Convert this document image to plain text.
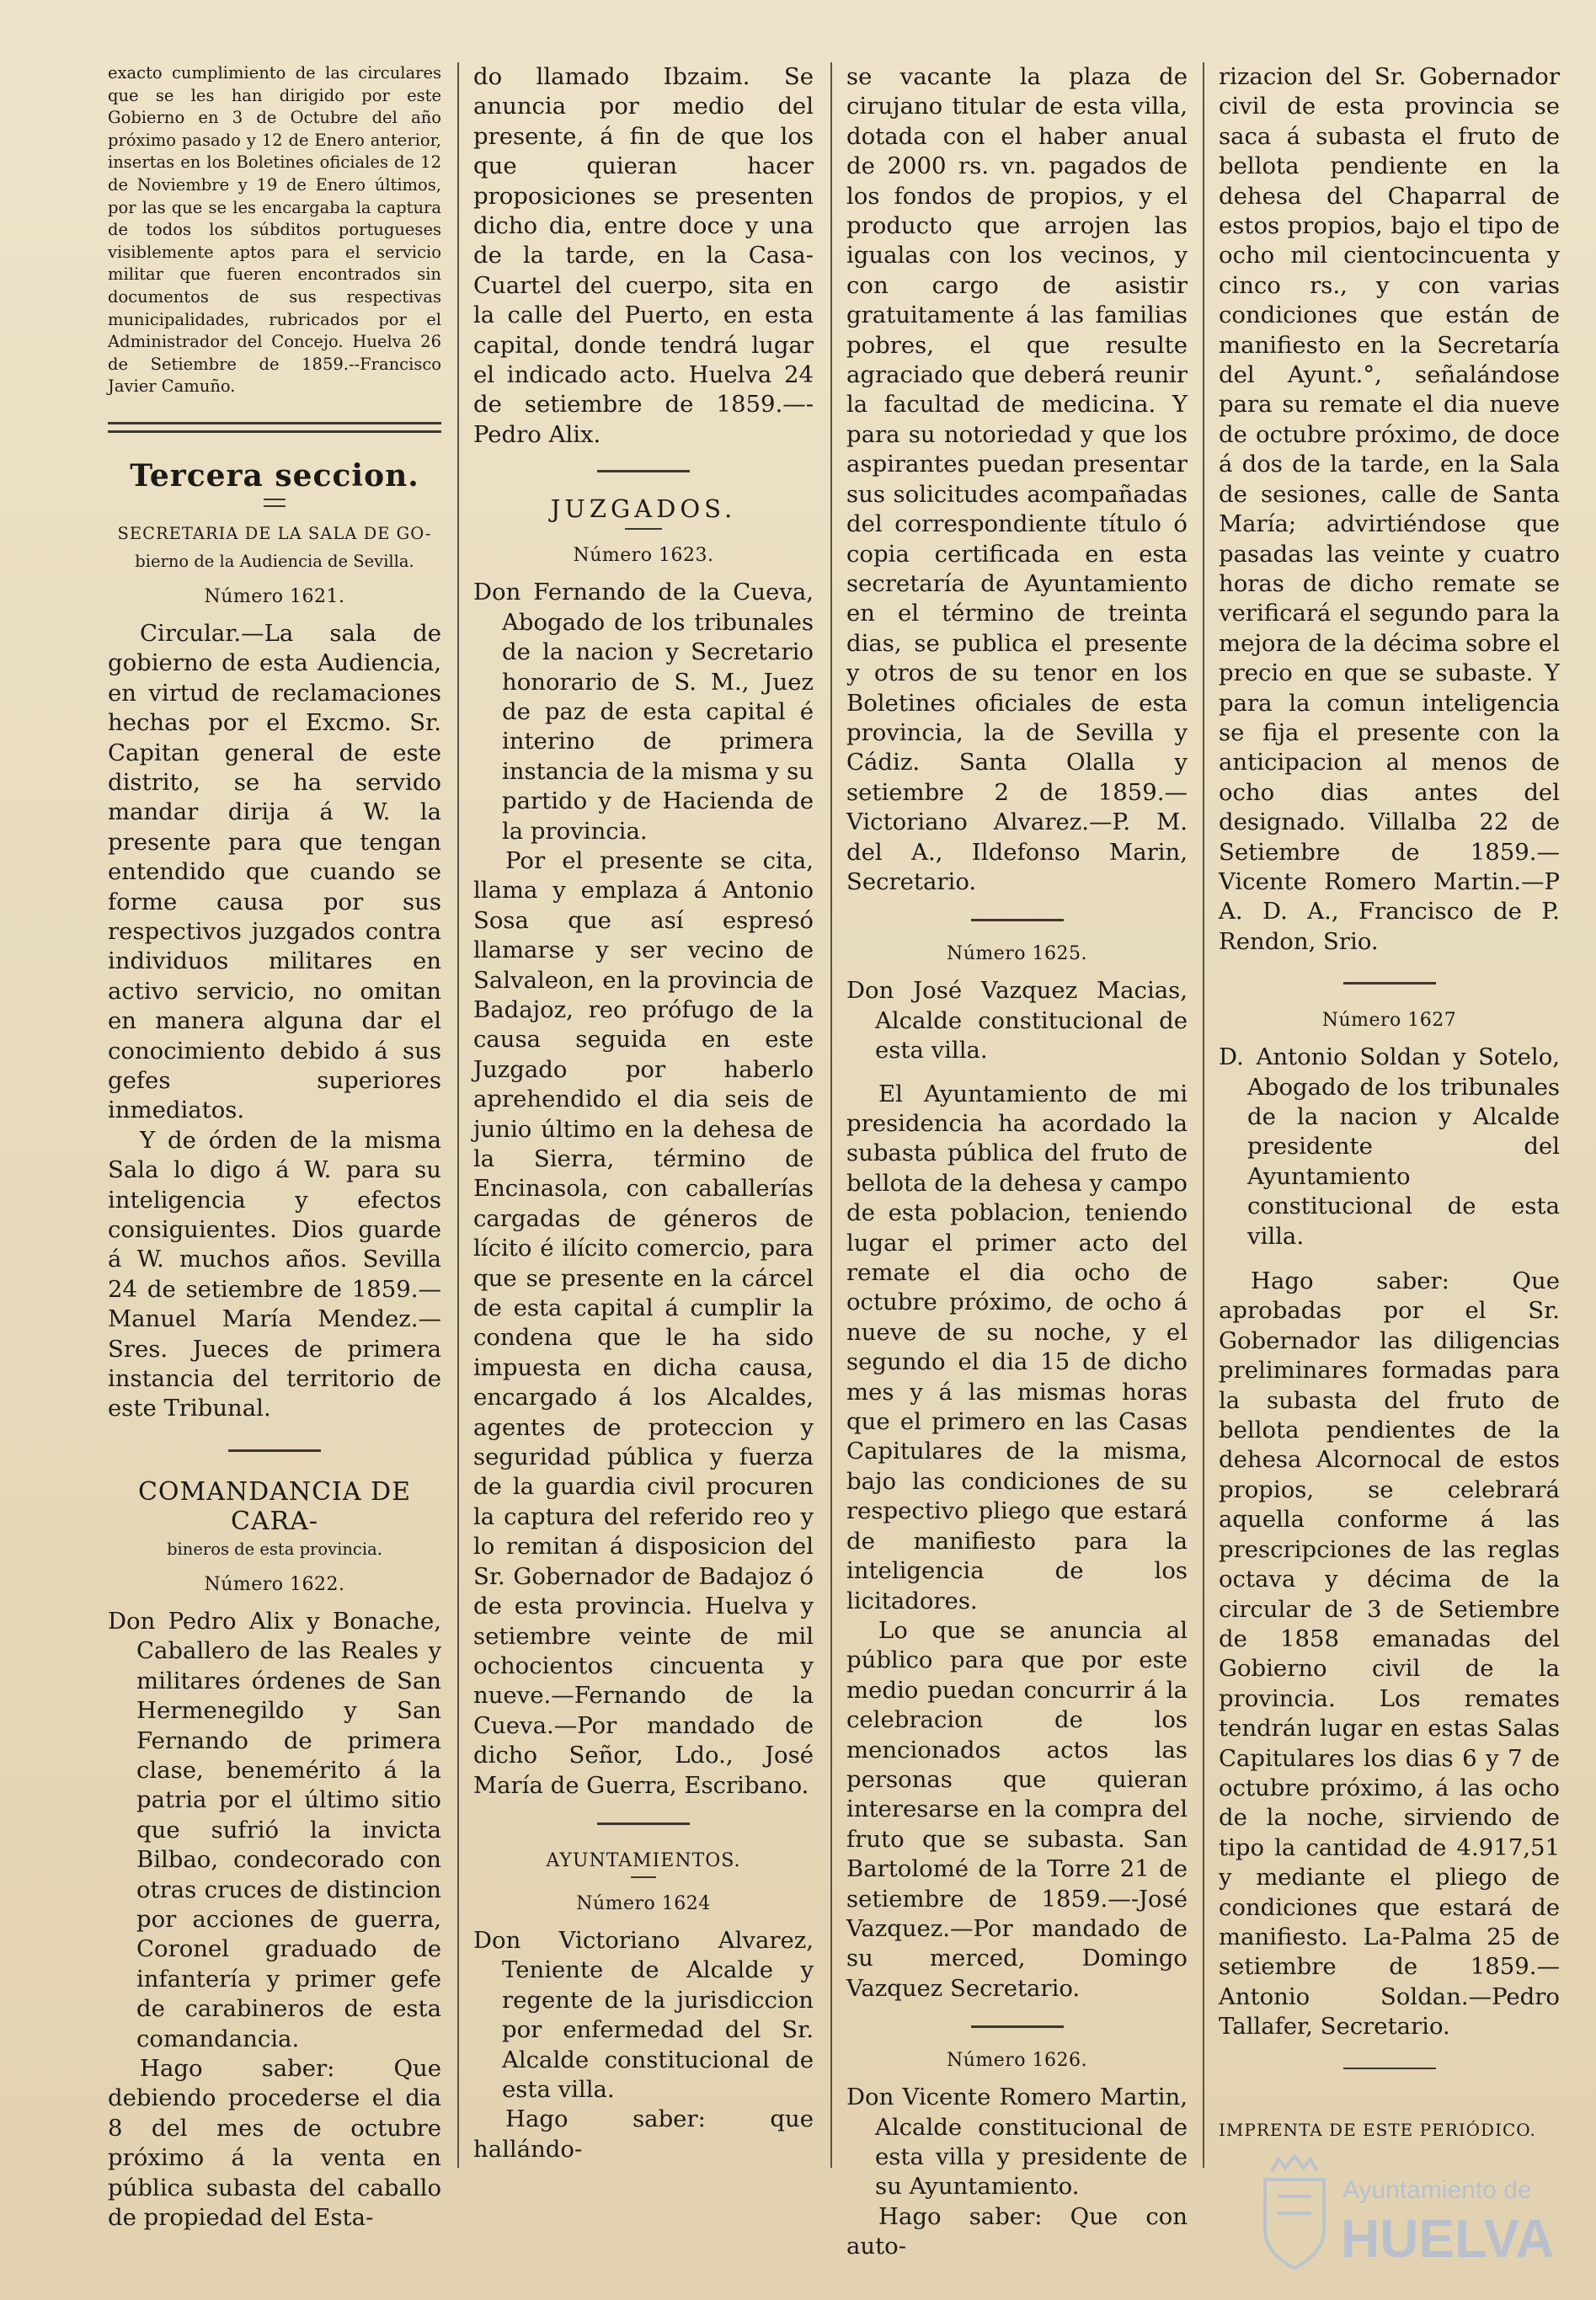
exacto cumplimiento de las circulares que se les han dirigido por este Gobierno en 3 de Octubre del año próximo pasado y 12 de Enero anterior, insertas en los Boletines oficiales de 12 de Noviembre y 19 de Enero últimos, por las que se les encargaba la captura de todos los súbditos portugueses visiblemente aptos para el servicio militar que fueren encontrados sin documentos de sus respectivas municipalidades, rubricados por el Administrador del Concejo. Huelva 26 de Setiembre de 1859.--Francisco Javier Camuño.

Tercera seccion.
SECRETARIA DE LA SALA DE GO-
bierno de la Audiencia de Sevilla.
Número 1621.

Circular.—La sala de gobierno de esta Audiencia, en virtud de reclamaciones hechas por el Excmo. Sr. Capitan general de este distrito, se ha servido mandar dirija á W. la presente para que tengan entendido que cuando se forme causa por sus respectivos juzgados contra individuos militares en activo servicio, no omitan en manera alguna dar el conocimiento debido á sus gefes superiores inmediatos.

Y de órden de la misma Sala lo digo á W. para su inteligencia y efectos consiguientes. Dios guarde á W. muchos años. Sevilla 24 de setiembre de 1859.—Manuel María Mendez.—Sres. Jueces de primera instancia del territorio de este Tribunal.

COMANDANCIA DE CARA-
bineros de esta provincia.
Número 1622.

Don Pedro Alix y Bonache, Caballero de las Reales y militares órdenes de San Hermenegildo y San Fernando de primera clase, benemérito á la patria por el último sitio que sufrió la invicta Bilbao, condecorado con otras cruces de distincion por acciones de guerra, Coronel graduado de infantería y primer gefe de carabineros de esta comandancia.

Hago saber: Que debiendo procederse el dia 8 del mes de octubre próximo á la venta en pública subasta del caballo de propiedad del Esta-

do llamado Ibzaim. Se anuncia por medio del presente, á fin de que los que quieran hacer proposiciones se presenten dicho dia, entre doce y una de la tarde, en la Casa-Cuartel del cuerpo, sita en la calle del Puerto, en esta capital, donde tendrá lugar el indicado acto. Huelva 24 de setiembre de 1859.—-Pedro Alix.

JUZGADOS.
Número 1623.

Don Fernando de la Cueva, Abogado de los tribunales de la nacion y Secretario honorario de S. M., Juez de paz de esta capital é interino de primera instancia de la misma y su partido y de Hacienda de la provincia.

Por el presente se cita, llama y emplaza á Antonio Sosa que así espresó llamarse y ser vecino de Salvaleon, en la provincia de Badajoz, reo prófugo de la causa seguida en este Juzgado por haberlo aprehendido el dia seis de junio último en la dehesa de la Sierra, término de Encinasola, con caballerías cargadas de géneros de lícito é ilícito comercio, para que se presente en la cárcel de esta capital á cumplir la condena que le ha sido impuesta en dicha causa, encargado á los Alcaldes, agentes de proteccion y seguridad pública y fuerza de la guardia civil procuren la captura del referido reo y lo remitan á disposicion del Sr. Gobernador de Badajoz ó de esta provincia. Huelva y setiembre veinte de mil ochocientos cincuenta y nueve.—Fernando de la Cueva.—Por mandado de dicho Señor, Ldo., José María de Guerra, Escribano.

AYUNTAMIENTOS.
Número 1624

Don Victoriano Alvarez, Teniente de Alcalde y regente de la jurisdiccion por enfermedad del Sr. Alcalde constitucional de esta villa.

Hago saber: que hallándo-

se vacante la plaza de cirujano titular de esta villa, dotada con el haber anual de 2000 rs. vn. pagados de los fondos de propios, y el producto que arrojen las igualas con los vecinos, y con cargo de asistir gratuitamente á las familias pobres, el que resulte agraciado que deberá reunir la facultad de medicina. Y para su notoriedad y que los aspirantes puedan presentar sus solicitudes acompañadas del correspondiente título ó copia certificada en esta secretaría de Ayuntamiento en el término de treinta dias, se publica el presente y otros de su tenor en los Boletines oficiales de esta provincia, la de Sevilla y Cádiz. Santa Olalla y setiembre 2 de 1859.—Victoriano Alvarez.—P. M. del A., Ildefonso Marin, Secretario.

Número 1625.

Don José Vazquez Macias, Alcalde constitucional de esta villa.

El Ayuntamiento de mi presidencia ha acordado la subasta pública del fruto de bellota de la dehesa y campo de esta poblacion, teniendo lugar el primer acto del remate el dia ocho de octubre próximo, de ocho á nueve de su noche, y el segundo el dia 15 de dicho mes y á las mismas horas que el primero en las Casas Capitulares de la misma, bajo las condiciones de su respectivo pliego que estará de manifiesto para la inteligencia de los licitadores.

Lo que se anuncia al público para que por este medio puedan concurrir á la celebracion de los mencionados actos las personas que quieran interesarse en la compra del fruto que se subasta. San Bartolomé de la Torre 21 de setiembre de 1859.—-José Vazquez.—Por mandado de su merced, Domingo Vazquez Secretario.

Número 1626.

Don Vicente Romero Martin, Alcalde constitucional de esta villa y presidente de su Ayuntamiento.

Hago saber: Que con auto-

rizacion del Sr. Gobernador civil de esta provincia se saca á subasta el fruto de bellota pendiente en la dehesa del Chaparral de estos propios, bajo el tipo de ocho mil cientocincuenta y cinco rs., y con varias condiciones que están de manifiesto en la Secretaría del Ayunt.°, señalándose para su remate el dia nueve de octubre próximo, de doce á dos de la tarde, en la Sala de sesiones, calle de Santa María; advirtiéndose que pasadas las veinte y cuatro horas de dicho remate se verificará el segundo para la mejora de la décima sobre el precio en que se subaste. Y para la comun inteligencia se fija el presente con la anticipacion al menos de ocho dias antes del designado. Villalba 22 de Setiembre de 1859.—Vicente Romero Martin.—P A. D. A., Francisco de P. Rendon, Srio.

Número 1627

D. Antonio Soldan y Sotelo, Abogado de los tribunales de la nacion y Alcalde presidente del Ayuntamiento constitucional de esta villa.

Hago saber: Que aprobadas por el Sr. Gobernador las diligencias preliminares formadas para la subasta del fruto de bellota pendientes de la dehesa Alcornocal de estos propios, se celebrará aquella conforme á las prescripciones de las reglas octava y décima de la circular de 3 de Setiembre de 1858 emanadas del Gobierno civil de la provincia. Los remates tendrán lugar en estas Salas Capitulares los dias 6 y 7 de octubre próximo, á las ocho de la noche, sirviendo de tipo la cantidad de 4.917,51 y mediante el pliego de condiciones que estará de manifiesto. La-Palma 25 de setiembre de 1859.—Antonio Soldan.—Pedro Tallafer, Secretario.

IMPRENTA DE ESTE PERIÓDICO.
Ayuntamiento de
HUELVA
